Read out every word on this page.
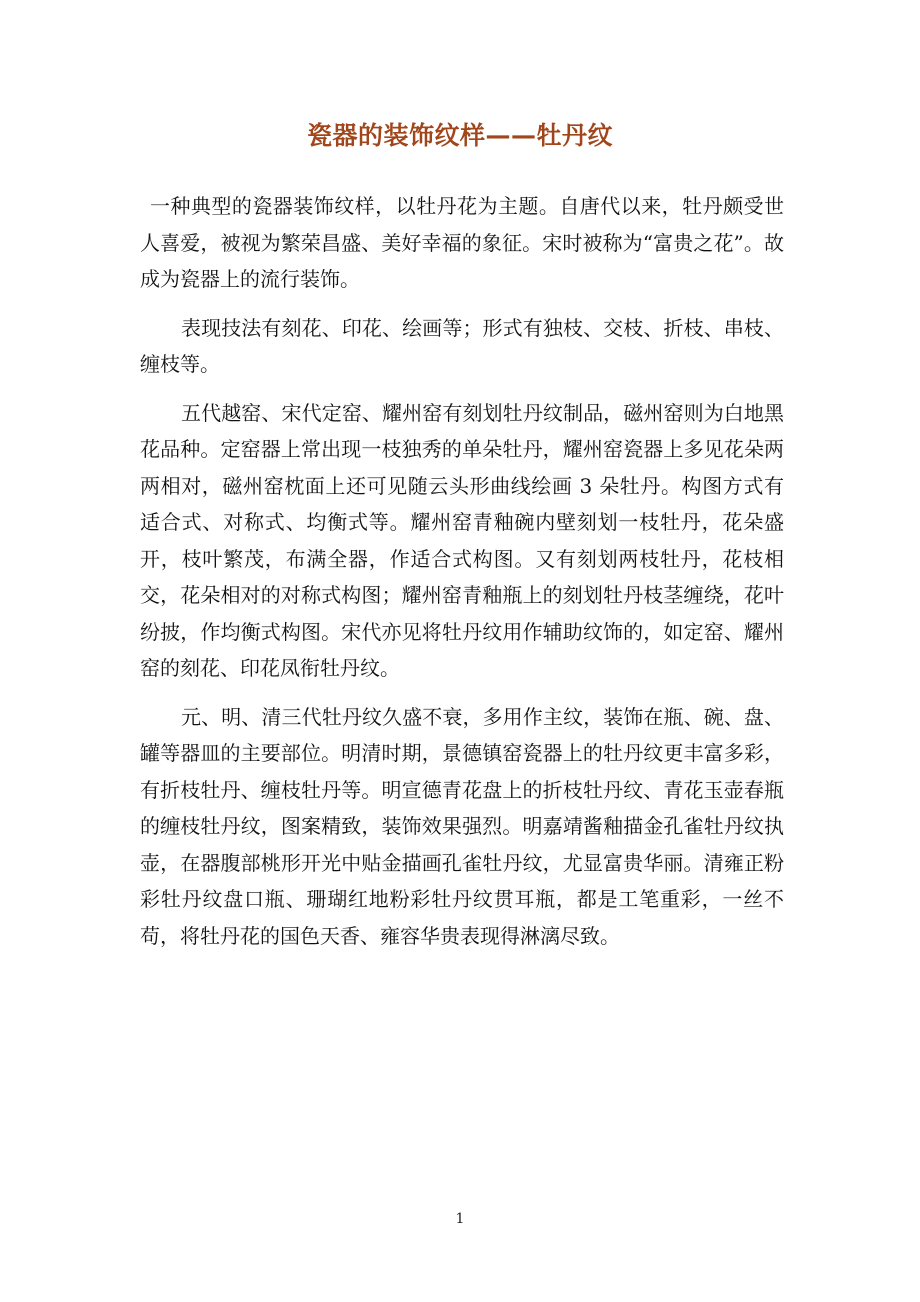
瓷器的装饰纹样——牡丹纹

一种典型的瓷器装饰纹样，以牡丹花为主题。自唐代以来，牡丹颇受世人喜爱，被视为繁荣昌盛、美好幸福的象征。宋时被称为“富贵之花”。故成为瓷器上的流行装饰。

表现技法有刻花、印花、绘画等；形式有独枝、交枝、折枝、串枝、缠枝等。

五代越窑、宋代定窑、耀州窑有刻划牡丹纹制品，磁州窑则为白地黑花品种。定窑器上常出现一枝独秀的单朵牡丹，耀州窑瓷器上多见花朵两两相对，磁州窑枕面上还可见随云头形曲线绘画 3 朵牡丹。构图方式有适合式、对称式、均衡式等。耀州窑青釉碗内壁刻划一枝牡丹，花朵盛开，枝叶繁茂，布满全器，作适合式构图。又有刻划两枝牡丹，花枝相交，花朵相对的对称式构图；耀州窑青釉瓶上的刻划牡丹枝茎缠绕，花叶纷披，作均衡式构图。宋代亦见将牡丹纹用作辅助纹饰的，如定窑、耀州窑的刻花、印花凤衔牡丹纹。

元、明、清三代牡丹纹久盛不衰，多用作主纹，装饰在瓶、碗、盘、罐等器皿的主要部位。明清时期，景德镇窑瓷器上的牡丹纹更丰富多彩，有折枝牡丹、缠枝牡丹等。明宣德青花盘上的折枝牡丹纹、青花玉壶春瓶的缠枝牡丹纹，图案精致，装饰效果强烈。明嘉靖酱釉描金孔雀牡丹纹执壶，在器腹部桃形开光中贴金描画孔雀牡丹纹，尤显富贵华丽。清雍正粉彩牡丹纹盘口瓶、珊瑚红地粉彩牡丹纹贯耳瓶，都是工笔重彩，一丝不苟，将牡丹花的国色天香、雍容华贵表现得淋漓尽致。

1
